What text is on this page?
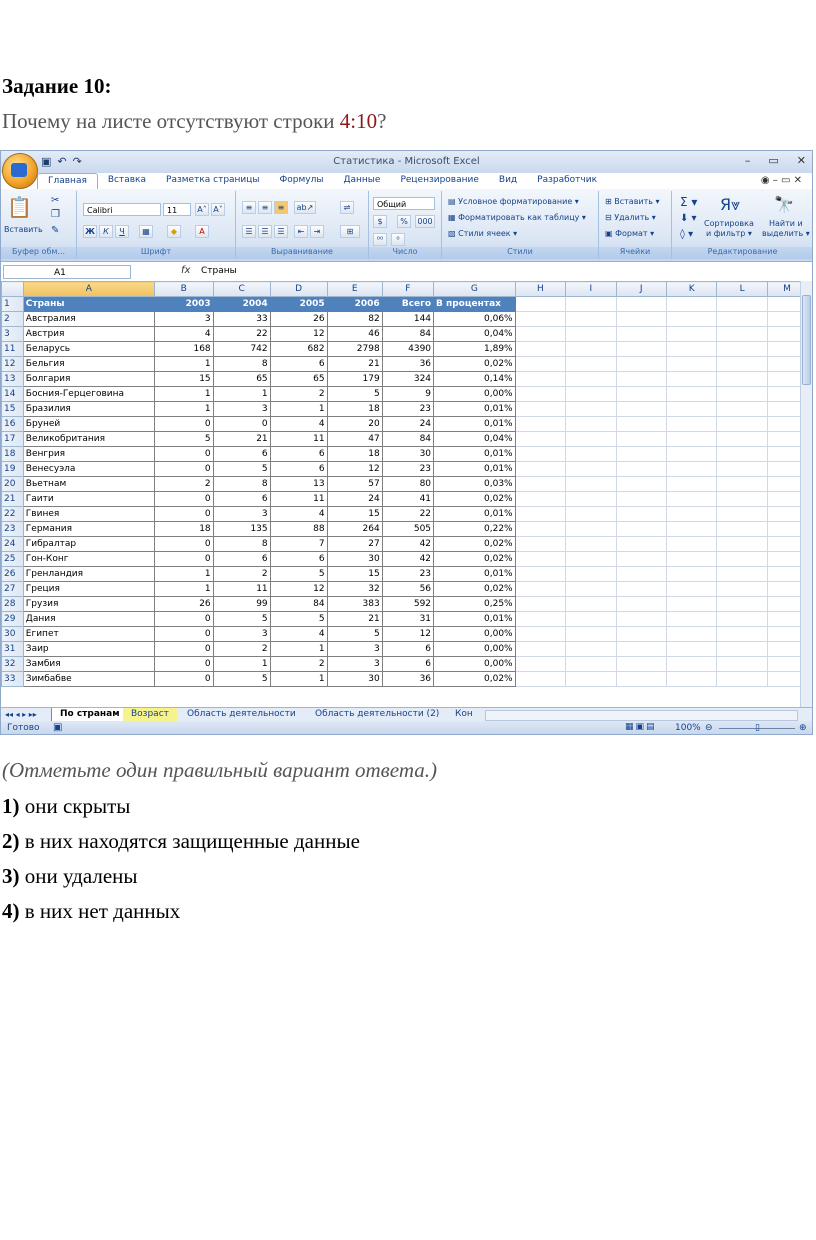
Задание 10:
Почему на листе отсутствуют строки 4:10?
▣ ↶ ↷	Статистика - Microsoft Excel	– ▭ ✕
Главная	Вставка	Разметка страницы	Формулы	Данные	Рецензирование	Вид	Разработчик	◉ – ▭ ✕
📋
Вставить
✂
❐
✎
Буфер обм...
Calibri	11	A˄ A˅
Ж	К	Ч	▦	◆	A
Шрифт
≡	≡	≡	ab↗	⇌
☰	☰	☰	⇤	⇥	⊞
Выравнивание
Общий
$	%	000
⁰⁰	⁰
Число
▤ Условное форматирование ▾
▦ Форматировать как таблицу ▾
▧ Стили ячеек ▾
Стили
⊞ Вставить ▾
⊟ Удалить ▾
▣ Формат ▾
Ячейки
Σ ▾
⬇ ▾
◊ ▾
Я⩔
Сортировка
и фильтр ▾
🔭
Найти и
выделить ▾
Редактирование
A1	fx Страны
	A	B	C	D	E	F	G	H	I	J	K	L	M	
1	Страны	2003	2004	2005	2006	Всего	В процентах							
2	Австралия	3	33	26	82	144	0,06%							
3	Австрия	4	22	12	46	84	0,04%							
11	Беларусь	168	742	682	2798	4390	1,89%							
12	Бельгия	1	8	6	21	36	0,02%							
13	Болгария	15	65	65	179	324	0,14%							
14	Босния-Герцеговина	1	1	2	5	9	0,00%							
15	Бразилия	1	3	1	18	23	0,01%							
16	Бруней	0	0	4	20	24	0,01%							
17	Великобритания	5	21	11	47	84	0,04%							
18	Венгрия	0	6	6	18	30	0,01%							
19	Венесуэла	0	5	6	12	23	0,01%							
20	Вьетнам	2	8	13	57	80	0,03%							
21	Гаити	0	6	11	24	41	0,02%							
22	Гвинея	0	3	4	15	22	0,01%							
23	Германия	18	135	88	264	505	0,22%							
24	Гибралтар	0	8	7	27	42	0,02%							
25	Гон-Конг	0	6	6	30	42	0,02%							
26	Гренландия	1	2	5	15	23	0,01%							
27	Греция	1	11	12	32	56	0,02%							
28	Грузия	26	99	84	383	592	0,25%							
29	Дания	0	5	5	21	31	0,01%							
30	Египет	0	3	4	5	12	0,00%							
31	Заир	0	2	1	3	6	0,00%							
32	Замбия	0	1	2	3	6	0,00%							
33	Зимбабве	0	5	1	30	36	0,02%							
◂◂ ◂ ▸ ▸▸	По странам	Возраст	Область деятельности	Область деятельности (2)	Кон
Готово ▣	▦▣▤ 100% ⊖	▯	⊕
(Отметьте один правильный вариант ответа.)
1) они скрыты
2) в них находятся защищенные данные
3) они удалены
4) в них нет данных
